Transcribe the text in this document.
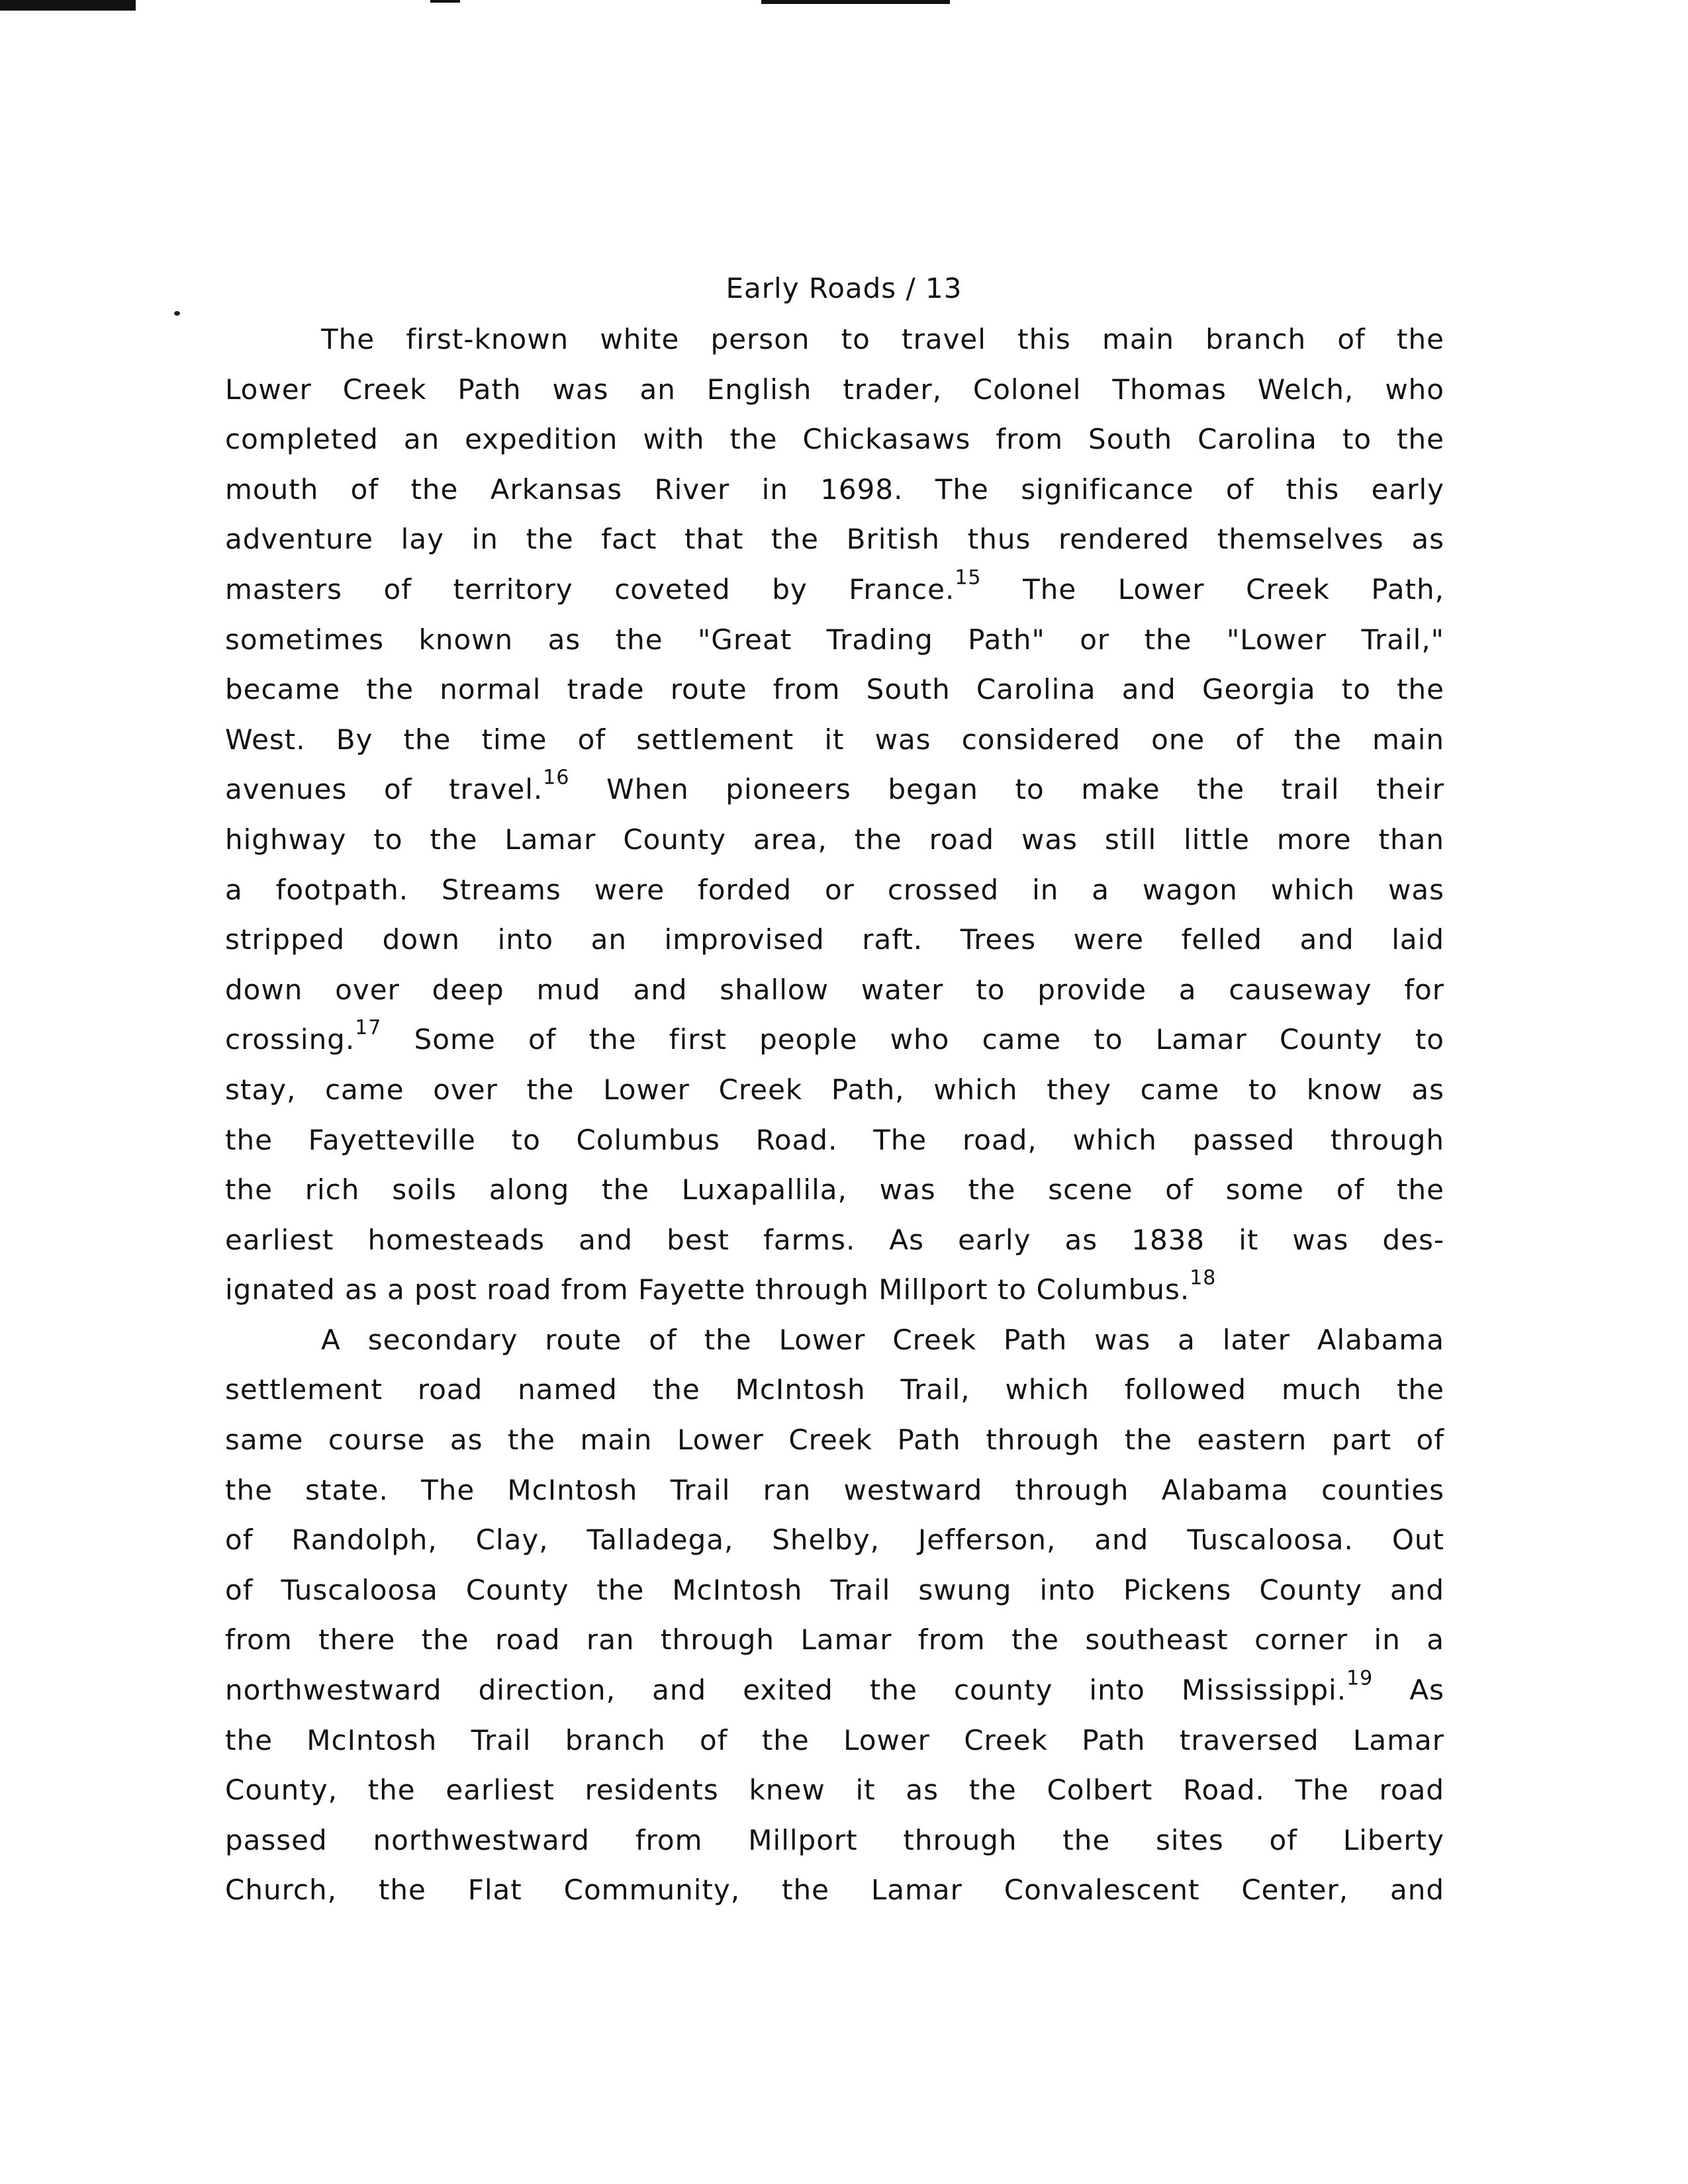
Early Roads / 13
The first-known white person to travel this main branch of the
Lower Creek Path was an English trader, Colonel Thomas Welch, who
completed an expedition with the Chickasaws from South Carolina to the
mouth of the Arkansas River in 1698. The significance of this early
adventure lay in the fact that the British thus rendered themselves as
masters of territory coveted by France.$^{15}$ The Lower Creek Path,
sometimes known as the "Great Trading Path" or the "Lower Trail,"
became the normal trade route from South Carolina and Georgia to the
West. By the time of settlement it was considered one of the main
avenues of travel.$^{16}$ When pioneers began to make the trail their
highway to the Lamar County area, the road was still little more than
a footpath. Streams were forded or crossed in a wagon which was
stripped down into an improvised raft. Trees were felled and laid
down over deep mud and shallow water to provide a causeway for
crossing.$^{17}$ Some of the first people who came to Lamar County to
stay, came over the Lower Creek Path, which they came to know as
the Fayetteville to Columbus Road. The road, which passed through
the rich soils along the Luxapallila, was the scene of some of the
earliest homesteads and best farms. As early as 1838 it was des-
ignated as a post road from Fayette through Millport to Columbus.$^{18}$
A secondary route of the Lower Creek Path was a later Alabama
settlement road named the McIntosh Trail, which followed much the
same course as the main Lower Creek Path through the eastern part of
the state. The McIntosh Trail ran westward through Alabama counties
of Randolph, Clay, Talladega, Shelby, Jefferson, and Tuscaloosa. Out
of Tuscaloosa County the McIntosh Trail swung into Pickens County and
from there the road ran through Lamar from the southeast corner in a
northwestward direction, and exited the county into Mississippi.$^{19}$ As
the McIntosh Trail branch of the Lower Creek Path traversed Lamar
County, the earliest residents knew it as the Colbert Road. The road
passed northwestward from Millport through the sites of Liberty
Church, the Flat Community, the Lamar Convalescent Center, and
